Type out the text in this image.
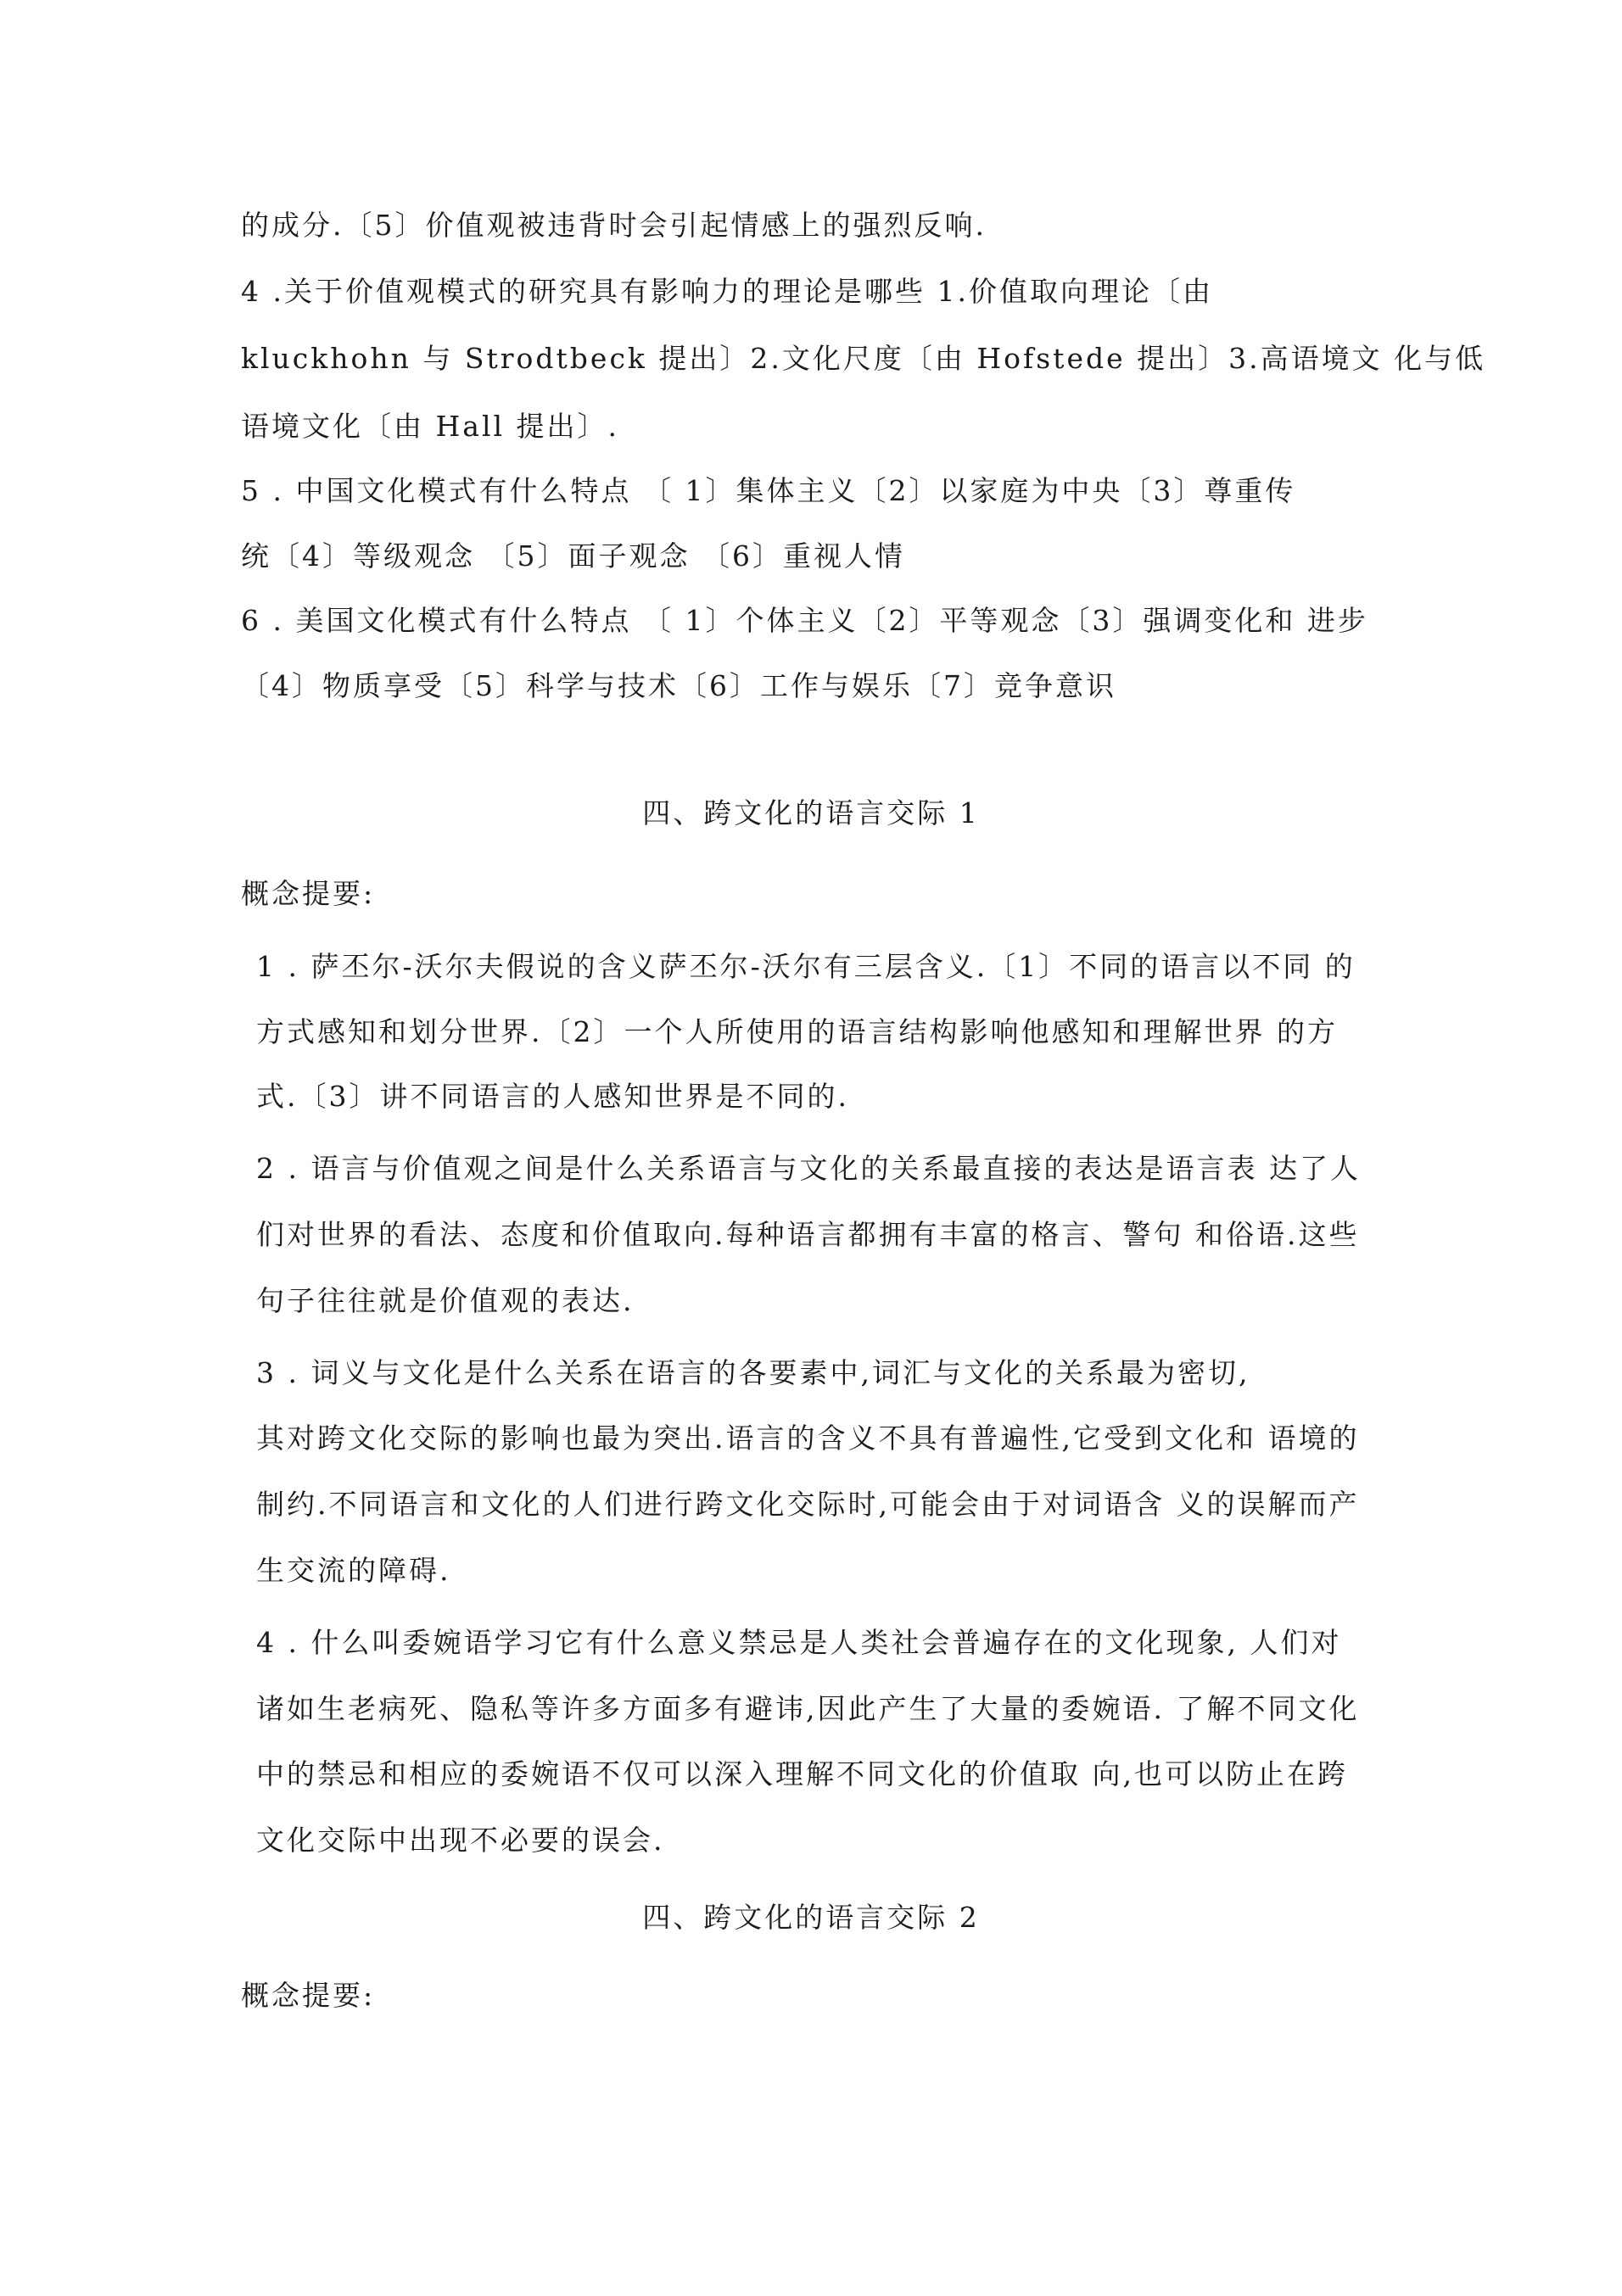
的成分.〔5〕价值观被违背时会引起情感上的强烈反响.
4 .关于价值观模式的研究具有影响力的理论是哪些 1.价值取向理论〔由
kluckhohn 与 Strodtbeck 提出〕2.文化尺度〔由 Hofstede 提出〕3.高语境文 化与低
语境文化〔由 Hall 提出〕.
5 . 中国文化模式有什么特点 〔 1〕集体主义〔2〕以家庭为中央〔3〕尊重传
统〔4〕等级观念 〔5〕面子观念 〔6〕重视人情
6 . 美国文化模式有什么特点 〔 1〕个体主义〔2〕平等观念〔3〕强调变化和 进步
〔4〕物质享受〔5〕科学与技术〔6〕工作与娱乐〔7〕竞争意识
四、跨文化的语言交际 1
概念提要:
1 . 萨丕尔-沃尔夫假说的含义萨丕尔-沃尔有三层含义.〔1〕不同的语言以不同 的
方式感知和划分世界.〔2〕一个人所使用的语言结构影响他感知和理解世界 的方
式.〔3〕讲不同语言的人感知世界是不同的.
2 . 语言与价值观之间是什么关系语言与文化的关系最直接的表达是语言表 达了人
们对世界的看法、态度和价值取向.每种语言都拥有丰富的格言、警句 和俗语.这些
句子往往就是价值观的表达.
3 . 词义与文化是什么关系在语言的各要素中,词汇与文化的关系最为密切,
其对跨文化交际的影响也最为突出.语言的含义不具有普遍性,它受到文化和 语境的
制约.不同语言和文化的人们进行跨文化交际时,可能会由于对词语含 义的误解而产
生交流的障碍.
4 . 什么叫委婉语学习它有什么意义禁忌是人类社会普遍存在的文化现象, 人们对
诸如生老病死、隐私等许多方面多有避讳,因此产生了大量的委婉语. 了解不同文化
中的禁忌和相应的委婉语不仅可以深入理解不同文化的价值取 向,也可以防止在跨
文化交际中出现不必要的误会.
四、跨文化的语言交际 2
概念提要:
